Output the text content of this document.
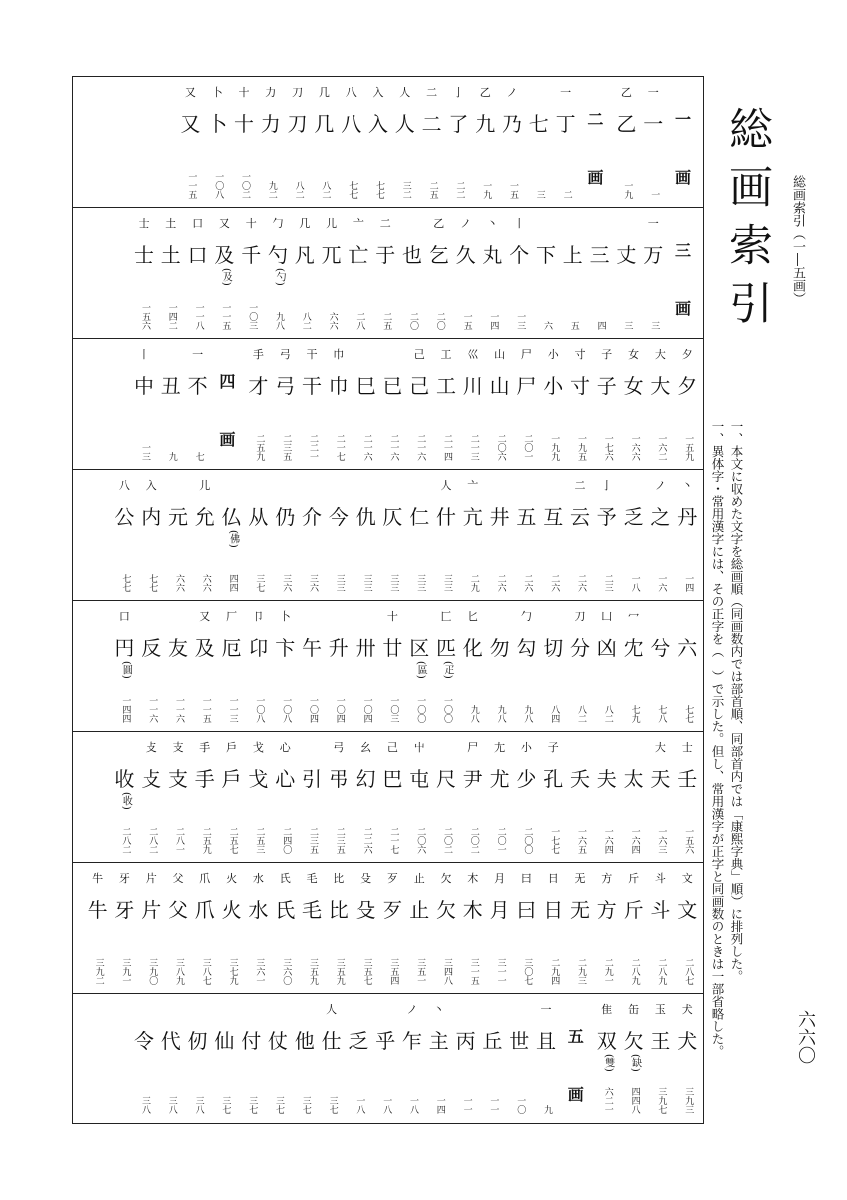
一
画
一
一
一
乙
乙
一九
二
画
一
丁
二
七
三
ノ
乃
一五
乙
九
一九
亅
了
二二
二
二
二五
人
人
三二
入
入
七七
八
八
七七
几
几
八二
刀
刀
八二
力
力
九二
十
十
一〇二
卜
卜
一〇八
又
又
一一五
三
画
一
万
三
丈
三
三
四
上
五
下
六
丨
个
一三
丶
丸
一四
ノ
久
一五
乙
乞
二〇
也
二〇
二
于
二五
亠
亡
二八
儿
兀
六六
几
凡
八二
勹
勺
(勺)
九八
十
千
一〇三
又
及
(及)
一一五
口
口
一一八
土
土
一四二
士
士
一五六
夕
夕
一五九
大
大
一六二
女
女
一六六
子
子
一七六
寸
寸
一九五
小
小
一九九
尸
尸
二〇一
山
山
二〇六
巛
川
二一三
工
工
二一四
己
己
二一六
已
二一六
巳
二一六
巾
巾
二一七
干
干
二二一
弓
弓
二三五
手
才
二五九
四
画
一
不
七
丑
九
丨
中
一三
丶
丹
一四
ノ
之
一六
乏
一八
亅
予
二三
二
云
二六
互
二六
五
二六
井
二六
亠
亢
二九
人
什
三三
仁
三三
仄
三三
仇
三三
今
三三
介
三六
仍
三六
从
三七
仏
(佛)
四四
儿
允
六六
元
六六
入
内
七七
八
公
七七
六
七七
兮
七八
冖
冘
七九
凵
凶
八二
刀
分
八二
切
八四
勹
勾
九八
勿
九八
匕
化
九八
匚
匹
(疋)
一〇〇
区
(區)
一〇〇
十
廿
一〇三
卅
一〇四
升
一〇四
午
一〇四
卜
卞
一〇八
卩
卬
一〇八
厂
厄
一一三
又
及
一一五
友
一一六
反
一一六
口
円
(圓)
一四四
士
壬
一五六
大
天
一六三
太
一六四
夫
一六四
夭
一六五
子
孔
一七七
小
少
二〇〇
尢
尤
二〇一
尸
尹
二〇二
尺
二〇二
屮
屯
二〇六
己
巴
二一七
幺
幻
二二六
弓
弔
二三五
引
二三五
心
心
二四〇
戈
戈
二五三
戶
戶
二五七
手
手
二五九
支
支
二八一
攴
攴
二八二
收
(收)
二八二
文
文
二八七
斗
斗
二八九
斤
斤
二八九
方
方
二九一
无
无
二九三
日
日
二九四
曰
曰
三〇七
月
月
三一一
木
木
三一五
欠
欠
三四八
止
止
三五一
歹
歹
三五四
殳
殳
三五七
比
比
三五九
毛
毛
三五九
氏
氏
三六〇
水
水
三六一
火
火
三七九
爪
爪
三八七
父
父
三八九
片
片
三九〇
牙
牙
三九一
牛
牛
三九二
犬
犬
三九三
玉
王
三九七
缶
欠
(缺)
四四八
隹
双
(雙)
六二一
五
画
一
且
九
世
一〇
丘
一一
丙
一一
丶
主
一四
ノ
乍
一八
乎
一八
乏
一八
人
仕
三七
他
三七
仗
三七
付
三七
仙
三七
仞
三八
代
三八
令
三八
総画索引 総画索引（一―五画）

一、本文に収めた文字を総画順（同画数内では部首順、同部首内では「康熙字典」順）に排列した。

一、異体字・常用漢字には、その正字を（　）で示した。但し、常用漢字が正字と同画数のときは一部省略した。	六六〇
